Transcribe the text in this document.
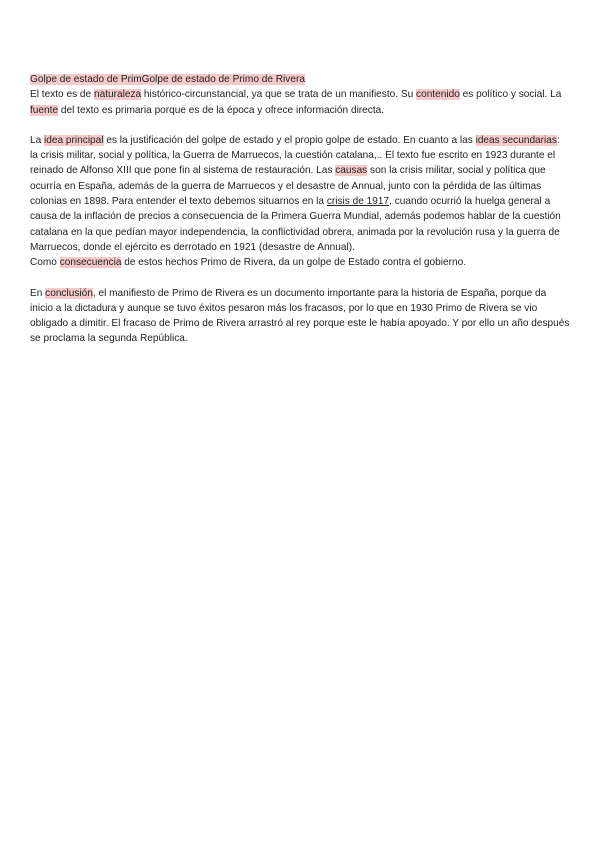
Golpe de estado de PrimGolpe de estado de Primo de Rivera

El texto es de naturaleza histórico-circunstancial, ya que se trata de un manifiesto. Su contenido es político y social. La fuente del texto es primaria porque es de la época y ofrece información directa.

La idea principal es la justificación del golpe de estado y el propio golpe de estado. En cuanto a las ideas secundarias: la crisis militar, social y política, la Guerra de Marruecos, la cuestión catalana,.. El texto fue escrito en 1923 durante el reinado de Alfonso XIII que pone fin al sistema de restauración. Las causas son la crisis militar, social y política que ocurría en España, además de la guerra de Marruecos y el desastre de Annual, junto con la pérdida de las últimas colonias en 1898. Para entender el texto debemos situarnos en la crisis de 1917, cuando ocurrió la huelga general a causa de la inflación de precios a consecuencia de la Primera Guerra Mundial, además podemos hablar de la cuestión catalana en la que pedían mayor independencia, la conflictividad obrera, animada por la revolución rusa y la guerra de Marruecos, donde el ejército es derrotado en 1921 (desastre de Annual).

Como consecuencia de estos hechos Primo de Rivera, da un golpe de Estado contra el gobierno.

En conclusión, el manifiesto de Primo de Rivera es un documento importante para la historia de España, porque da inicio a la dictadura y aunque se tuvo éxitos pesaron más los fracasos, por lo que en 1930 Primo de Rivera se vio obligado a dimitir. El fracaso de Primo de Rivera arrastró al rey porque este le había apoyado. Y por ello un año después se proclama la segunda República.
